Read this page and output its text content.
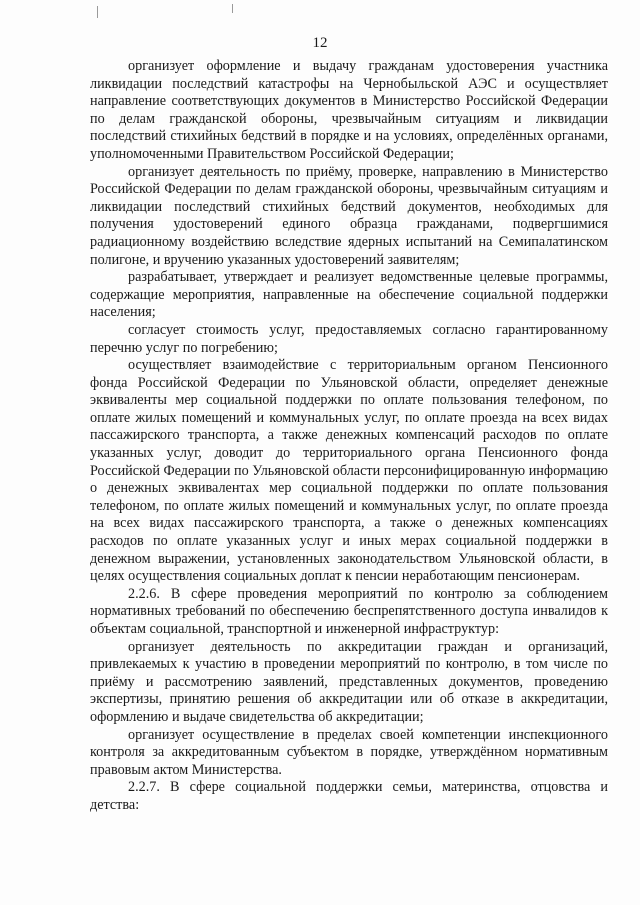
12

организует оформление и выдачу гражданам удостоверения участника ликвидации последствий катастрофы на Чернобыльской АЭС и осуществляет направление соответствующих документов в Министерство Российской Федерации по делам гражданской обороны, чрезвычайным ситуациям и ликвидации последствий стихийных бедствий в порядке и на условиях, определённых органами, уполномоченными Правительством Российской Федерации;

организует деятельность по приёму, проверке, направлению в Министерство Российской Федерации по делам гражданской обороны, чрезвычайным ситуациям и ликвидации последствий стихийных бедствий документов, необходимых для получения удостоверений единого образца гражданами, подвергшимися радиационному воздействию вследствие ядерных испытаний на Семипалатинском полигоне, и вручению указанных удостоверений заявителям;

разрабатывает, утверждает и реализует ведомственные целевые программы, содержащие мероприятия, направленные на обеспечение социальной поддержки населения;

согласует стоимость услуг, предоставляемых согласно гарантированному перечню услуг по погребению;

осуществляет взаимодействие с территориальным органом Пенсионного фонда Российской Федерации по Ульяновской области, определяет денежные эквиваленты мер социальной поддержки по оплате пользования телефоном, по оплате жилых помещений и коммунальных услуг, по оплате проезда на всех видах пассажирского транспорта, а также денежных компенсаций расходов по оплате указанных услуг, доводит до территориального органа Пенсионного фонда Российской Федерации по Ульяновской области персонифицированную информацию о денежных эквивалентах мер социальной поддержки по оплате пользования телефоном, по оплате жилых помещений и коммунальных услуг, по оплате проезда на всех видах пассажирского транспорта, а также о денежных компенсациях расходов по оплате указанных услуг и иных мерах социальной поддержки в денежном выражении, установленных законодательством Ульяновской области, в целях осуществления социальных доплат к пенсии неработающим пенсионерам.

2.2.6. В сфере проведения мероприятий по контролю за соблюдением нормативных требований по обеспечению беспрепятственного доступа инвалидов к объектам социальной, транспортной и инженерной инфраструктур:

организует деятельность по аккредитации граждан и организаций, привлекаемых к участию в проведении мероприятий по контролю, в том числе по приёму и рассмотрению заявлений, представленных документов, проведению экспертизы, принятию решения об аккредитации или об отказе в аккредитации, оформлению и выдаче свидетельства об аккредитации;

организует осуществление в пределах своей компетенции инспекционного контроля за аккредитованным субъектом в порядке, утверждённом нормативным правовым актом Министерства.

2.2.7. В сфере социальной поддержки семьи, материнства, отцовства и детства:
